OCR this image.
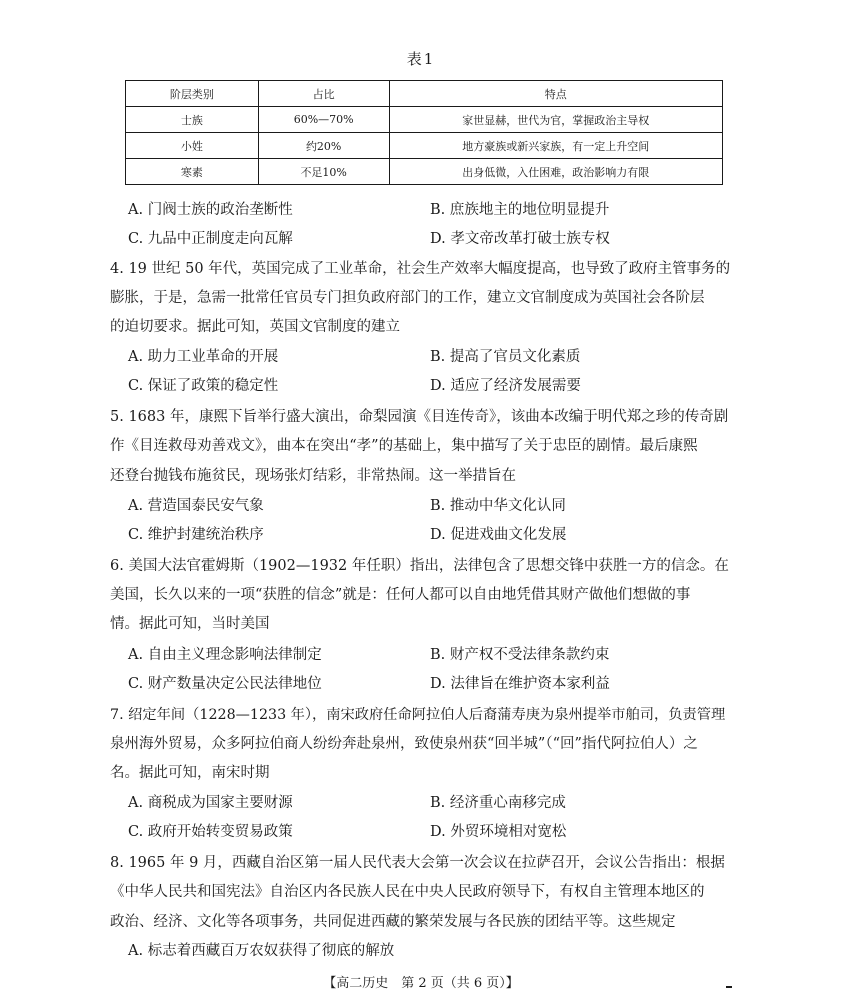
表1
阶层类别	占比	特点
士族	60%—70%	家世显赫，世代为官，掌握政治主导权
小姓	约20%	地方豪族或新兴家族，有一定上升空间
寒素	不足10%	出身低微，入仕困难，政治影响力有限
A. 门阀士族的政治垄断性	B. 庶族地主的地位明显提升
C. 九品中正制度走向瓦解	D. 孝文帝改革打破士族专权
4. 19 世纪 50 年代，英国完成了工业革命，社会生产效率大幅度提高，也导致了政府主管事务的
膨胀，于是，急需一批常任官员专门担负政府部门的工作，建立文官制度成为英国社会各阶层
的迫切要求。据此可知，英国文官制度的建立
A. 助力工业革命的开展	B. 提高了官员文化素质
C. 保证了政策的稳定性	D. 适应了经济发展需要
5. 1683 年，康熙下旨举行盛大演出，命梨园演《目连传奇》，该曲本改编于明代郑之珍的传奇剧
作《目连救母劝善戏文》，曲本在突出“孝”的基础上，集中描写了关于忠臣的剧情。最后康熙
还登台抛钱布施贫民，现场张灯结彩，非常热闹。这一举措旨在
A. 营造国泰民安气象	B. 推动中华文化认同
C. 维护封建统治秩序	D. 促进戏曲文化发展
6. 美国大法官霍姆斯（1902—1932 年任职）指出，法律包含了思想交锋中获胜一方的信念。在
美国，长久以来的一项“获胜的信念”就是：任何人都可以自由地凭借其财产做他们想做的事
情。据此可知，当时美国
A. 自由主义理念影响法律制定	B. 财产权不受法律条款约束
C. 财产数量决定公民法律地位	D. 法律旨在维护资本家利益
7. 绍定年间（1228—1233 年），南宋政府任命阿拉伯人后裔蒲寿庚为泉州提举市舶司，负责管理
泉州海外贸易，众多阿拉伯商人纷纷奔赴泉州，致使泉州获“回半城”（“回”指代阿拉伯人）之
名。据此可知，南宋时期
A. 商税成为国家主要财源	B. 经济重心南移完成
C. 政府开始转变贸易政策	D. 外贸环境相对宽松
8. 1965 年 9 月，西藏自治区第一届人民代表大会第一次会议在拉萨召开，会议公告指出：根据
《中华人民共和国宪法》自治区内各民族人民在中央人民政府领导下，有权自主管理本地区的
政治、经济、文化等各项事务，共同促进西藏的繁荣发展与各民族的团结平等。这些规定
A. 标志着西藏百万农奴获得了彻底的解放
【高二历史　第 2 页（共 6 页）】
